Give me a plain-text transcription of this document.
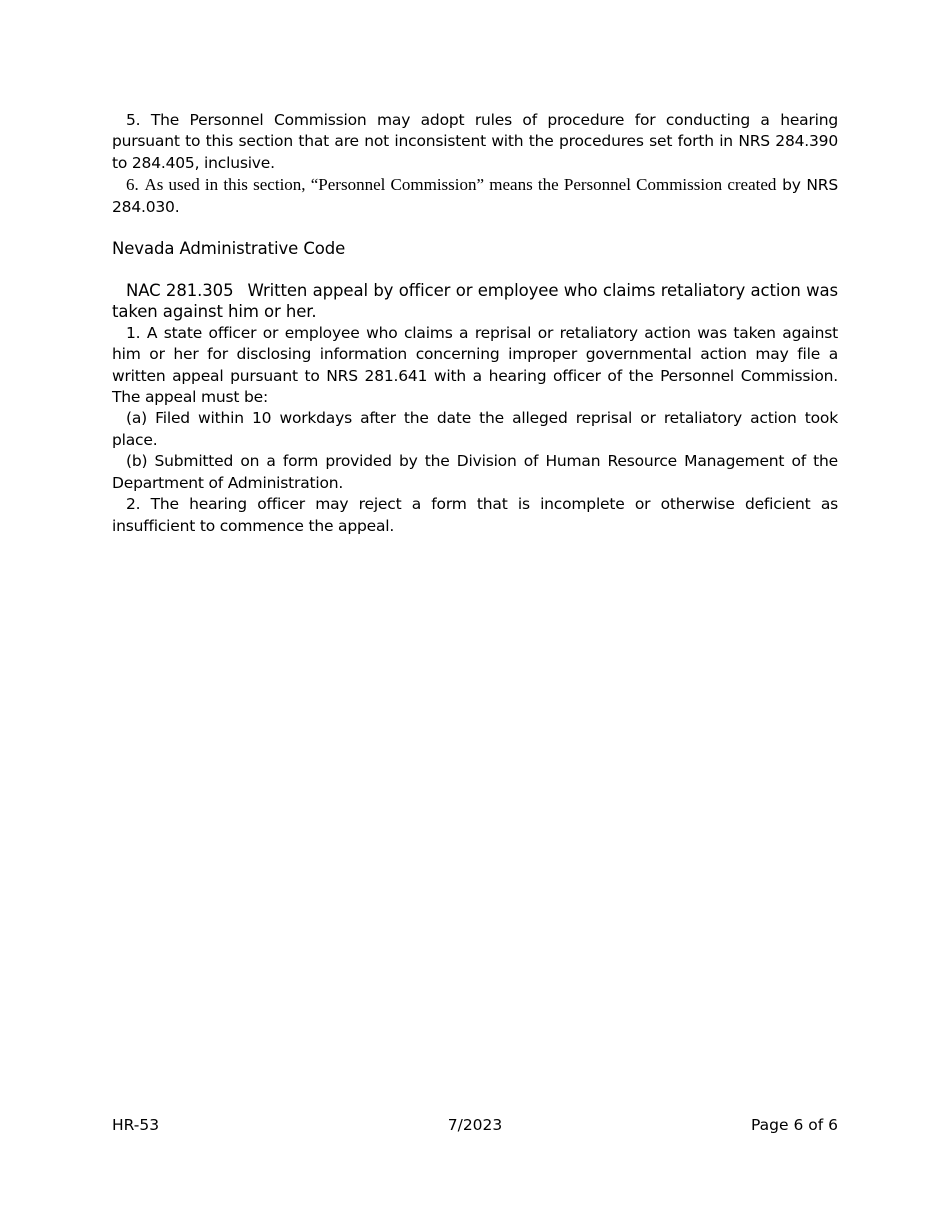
5. The Personnel Commission may adopt rules of procedure for conducting a hearing pursuant to this section that are not inconsistent with the procedures set forth in NRS 284.390 to 284.405, inclusive.

6. As used in this section, “Personnel Commission” means the Personnel Commission created by NRS 284.030.

Nevada Administrative Code

NAC 281.305 Written appeal by officer or employee who claims retaliatory action was taken against him or her.

1. A state officer or employee who claims a reprisal or retaliatory action was taken against him or her for disclosing information concerning improper governmental action may file a written appeal pursuant to NRS 281.641 with a hearing officer of the Personnel Commission. The appeal must be:

(a) Filed within 10 workdays after the date the alleged reprisal or retaliatory action took place.

(b) Submitted on a form provided by the Division of Human Resource Management of the Department of Administration.

2. The hearing officer may reject a form that is incomplete or otherwise deficient as insufficient to commence the appeal.

HR-53	7/2023	Page 6 of 6
